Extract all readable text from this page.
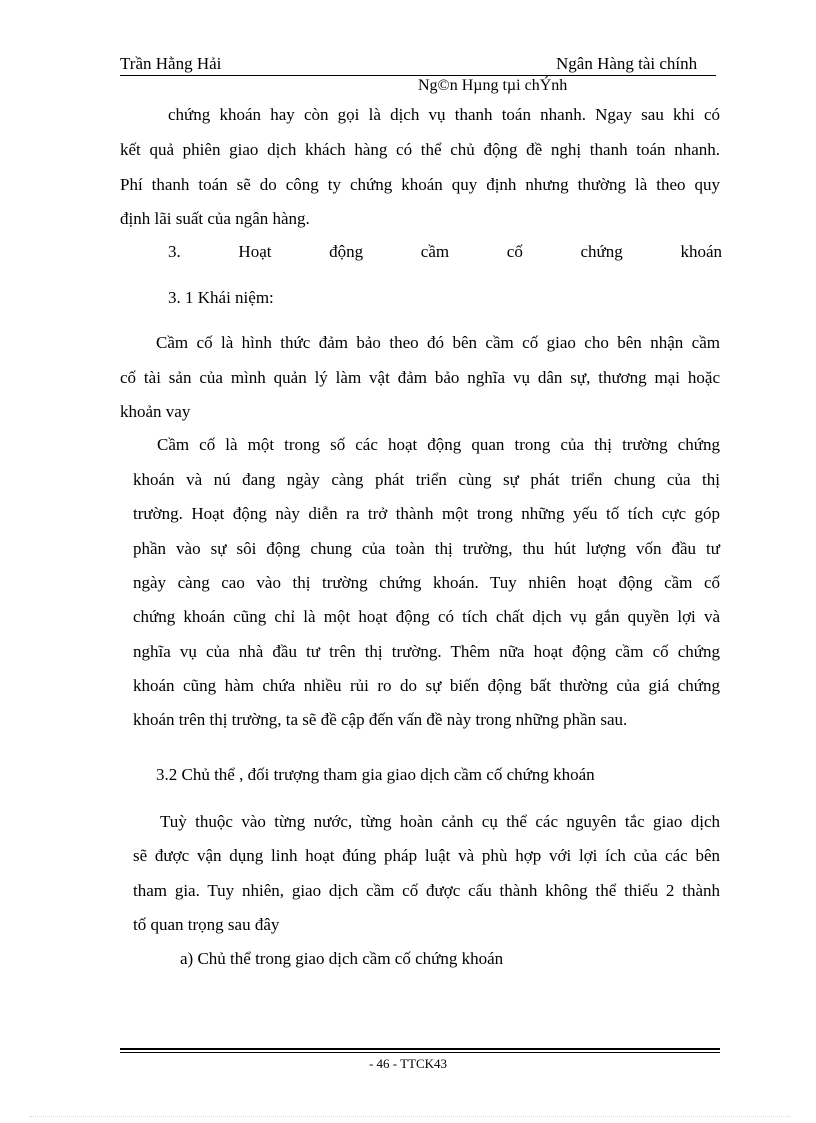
Trần Hằng Hải	Ngân Hàng tài chính
Ng©n Hµng tµi chÝnh
chứng khoán hay còn gọi là dịch vụ thanh toán nhanh. Ngay sau khi có
kết quả phiên giao dịch khách hàng có thể chủ động đề nghị thanh toán nhanh.
Phí thanh toán sẽ do công ty chứng khoán quy định nhưng thường là theo quy
định lãi suất của ngân hàng.
3. Hoạt động cầm cố chứng khoán
3. 1 Khái niệm:
Cầm cố là hình thức đảm bảo theo đó bên cầm cố giao cho bên nhận cầm
cố tài sản của mình quản lý làm vật đảm bảo nghĩa vụ dân sự, thương mại hoặc
khoản vay
Cầm cố là một trong số các hoạt động quan trong của thị trường chứng
khoán và nú đang ngày càng phát triển cùng sự phát triển chung của thị
trường. Hoạt động này diễn ra trở thành một trong những yếu tố tích cực góp
phần vào sự sôi động chung của toàn thị trường, thu hút lượng vốn đầu tư
ngày càng cao vào thị trường chứng khoán. Tuy nhiên hoạt động cầm cố
chứng khoán cũng chỉ là một hoạt động có tích chất dịch vụ gắn quyền lợi và
nghĩa vụ của nhà đầu tư trên thị trường. Thêm nữa hoạt động cầm cố chứng
khoán cũng hàm chứa nhiều rủi ro do sự biến động bất thường của giá chứng
khoán trên thị trường, ta sẽ đề cập đến vấn đề này trong những phần sau.
3.2 Chủ thể , đối trượng tham gia giao dịch cầm cố chứng khoán
Tuỳ thuộc vào từng nước, từng hoàn cảnh cụ thể các nguyên tắc giao dịch
sẽ được vận dụng linh hoạt đúng pháp luật và phù hợp với lợi ích của các bên
tham gia. Tuy nhiên, giao dịch cầm cố được cấu thành không thể thiếu 2 thành
tố quan trọng sau đây
a) Chủ thể trong giao dịch cầm cố chứng khoán
- 46 - TTCK43
